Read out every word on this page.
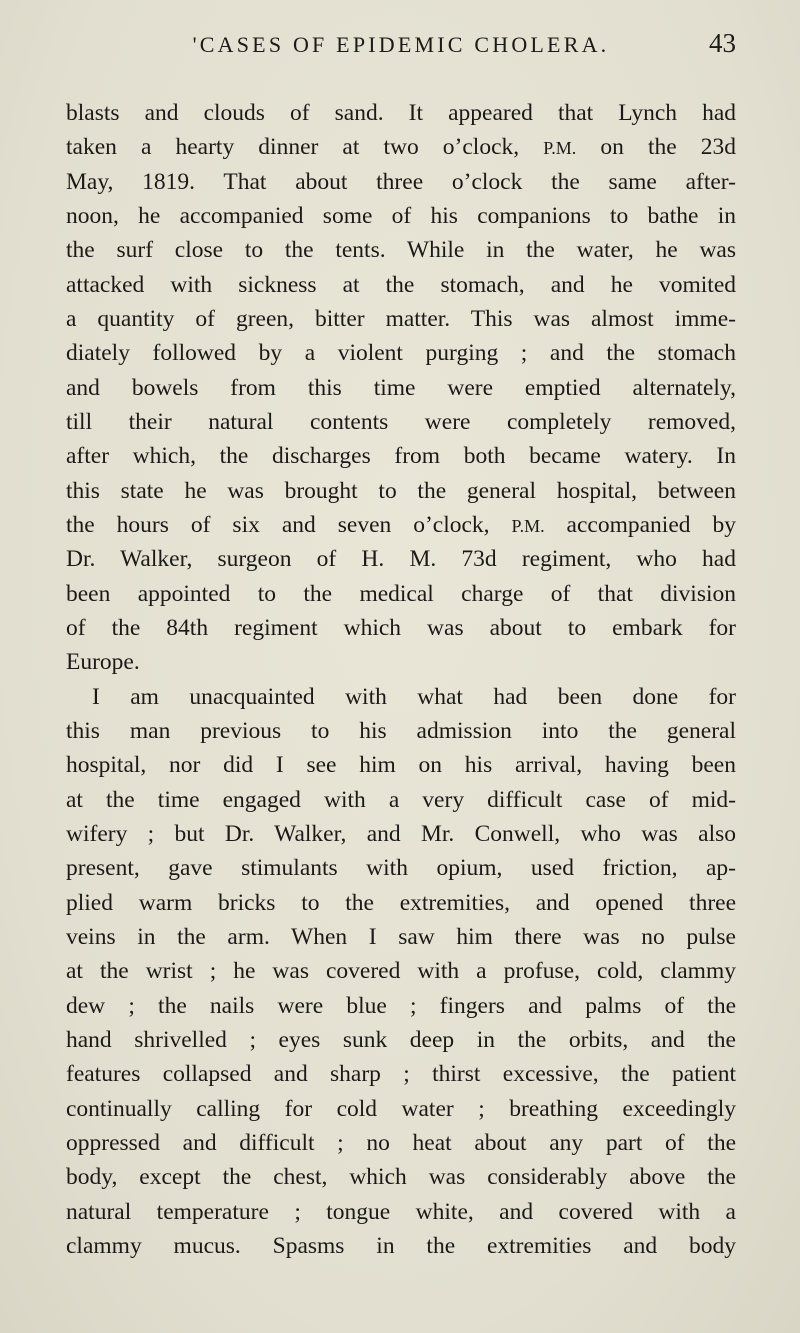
'CASES OF EPIDEMIC CHOLERA.	43
blasts and clouds of sand. It appeared that Lynch had
taken a hearty dinner at two o’clock, P.M. on the 23d
May, 1819. That about three o’clock the same after-
noon, he accompanied some of his companions to bathe in
the surf close to the tents. While in the water, he was
attacked with sickness at the stomach, and he vomited
a quantity of green, bitter matter. This was almost imme-
diately followed by a violent purging ; and the stomach
and bowels from this time were emptied alternately,
till their natural contents were completely removed,
after which, the discharges from both became watery. In
this state he was brought to the general hospital, between
the hours of six and seven o’clock, P.M. accompanied by
Dr. Walker, surgeon of H. M. 73d regiment, who had
been appointed to the medical charge of that division
of the 84th regiment which was about to embark for
Europe.
I am unacquainted with what had been done for
this man previous to his admission into the general
hospital, nor did I see him on his arrival, having been
at the time engaged with a very difficult case of mid-
wifery ; but Dr. Walker, and Mr. Conwell, who was also
present, gave stimulants with opium, used friction, ap-
plied warm bricks to the extremities, and opened three
veins in the arm. When I saw him there was no pulse
at the wrist ; he was covered with a profuse, cold, clammy
dew ; the nails were blue ; fingers and palms of the
hand shrivelled ; eyes sunk deep in the orbits, and the
features collapsed and sharp ; thirst excessive, the patient
continually calling for cold water ; breathing exceedingly
oppressed and difficult ; no heat about any part of the
body, except the chest, which was considerably above the
natural temperature ; tongue white, and covered with a
clammy mucus. Spasms in the extremities and body
